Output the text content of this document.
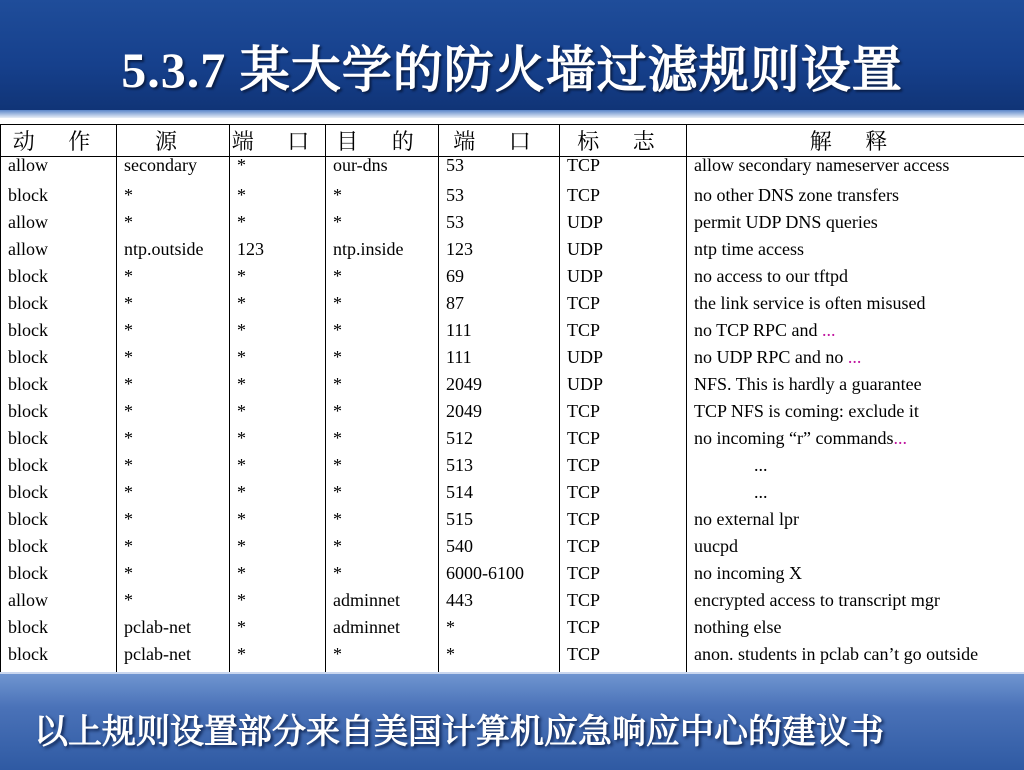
5.3.7 某大学的防火墙过滤规则设置
动 作	源	端 口	目 的	端 口	标 志	解 释
allow	secondary	*	our-dns	53	TCP	allow secondary nameserver access
block	*	*	*	53	TCP	no other DNS zone transfers
allow	*	*	*	53	UDP	permit UDP DNS queries
allow	ntp.outside	123	ntp.inside	123	UDP	ntp time access
block	*	*	*	69	UDP	no access to our tftpd
block	*	*	*	87	TCP	the link service is often misused
block	*	*	*	111	TCP	no TCP RPC and ...
block	*	*	*	111	UDP	no UDP RPC and no ...
block	*	*	*	2049	UDP	NFS. This is hardly a guarantee
block	*	*	*	2049	TCP	TCP NFS is coming: exclude it
block	*	*	*	512	TCP	no incoming “r” commands...
block	*	*	*	513	TCP	...
block	*	*	*	514	TCP	...
block	*	*	*	515	TCP	no external lpr
block	*	*	*	540	TCP	uucpd
block	*	*	*	6000-6100	TCP	no incoming X
allow	*	*	adminnet	443	TCP	encrypted access to transcript mgr
block	pclab-net	*	adminnet	*	TCP	nothing else
block	pclab-net	*	*	*	TCP	anon. students in pclab can’t go outside

以上规则设置部分来自美国计算机应急响应中心的建议书
